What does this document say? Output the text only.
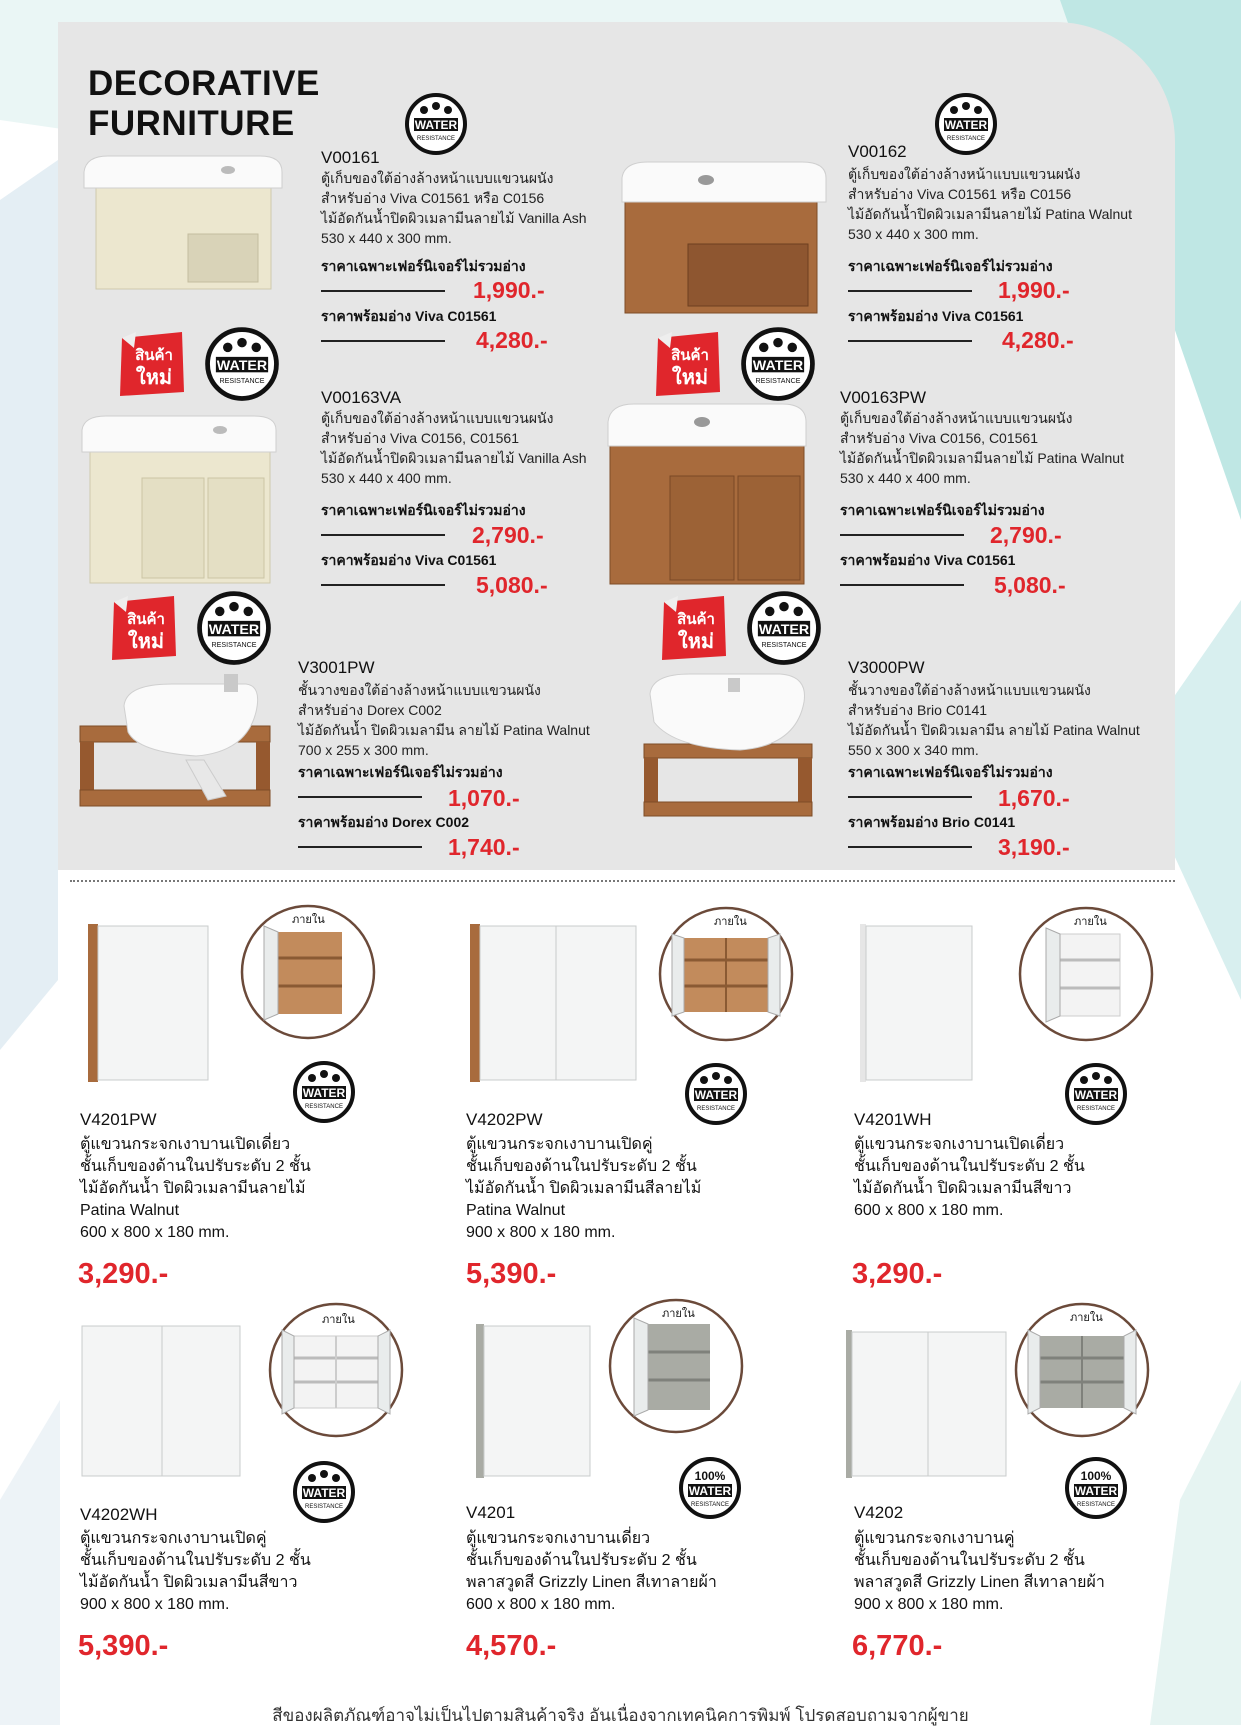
DECORATIVE
FURNITURE	WATER
RESISTANCE
V00161
ตู้เก็บของใต้อ่างล้างหน้าแบบแขวนผนัง
สำหรับอ่าง Viva C01561 หรือ C0156
ไม้อัดกันน้ำปิดผิวเมลามีนลายไม้ Vanilla Ash
530 x 440 x 300 mm.
ราคาเฉพาะเฟอร์นิเจอร์ไม่รวมอ่าง
1,990.-
ราคาพร้อมอ่าง Viva C01561
4,280.-
WATER
RESISTANCE
V00162
ตู้เก็บของใต้อ่างล้างหน้าแบบแขวนผนัง
สำหรับอ่าง Viva C01561 หรือ C0156
ไม้อัดกันน้ำปิดผิวเมลามีนลายไม้ Patina Walnut
530 x 440 x 300 mm.
ราคาเฉพาะเฟอร์นิเจอร์ไม่รวมอ่าง
1,990.-
ราคาพร้อมอ่าง Viva C01561
4,280.-
สินค้า
ใหม่
WATER
RESISTANCE
สินค้า
ใหม่
WATER
RESISTANCE
V00163VA
ตู้เก็บของใต้อ่างล้างหน้าแบบแขวนผนัง
สำหรับอ่าง Viva C0156, C01561
ไม้อัดกันน้ำปิดผิวเมลามีนลายไม้ Vanilla Ash
530 x 440 x 400 mm.
ราคาเฉพาะเฟอร์นิเจอร์ไม่รวมอ่าง
2,790.-
ราคาพร้อมอ่าง Viva C01561
5,080.-
V00163PW
ตู้เก็บของใต้อ่างล้างหน้าแบบแขวนผนัง
สำหรับอ่าง Viva C0156, C01561
ไม้อัดกันน้ำปิดผิวเมลามีนลายไม้ Patina Walnut
530 x 440 x 400 mm.
ราคาเฉพาะเฟอร์นิเจอร์ไม่รวมอ่าง
2,790.-
ราคาพร้อมอ่าง Viva C01561
5,080.-
สินค้า
ใหม่
WATER
RESISTANCE
สินค้า
ใหม่
WATER
RESISTANCE
V3001PW
ชั้นวางของใต้อ่างล้างหน้าแบบแขวนผนัง
สำหรับอ่าง Dorex C002
ไม้อัดกันน้ำ ปิดผิวเมลามีน ลายไม้ Patina Walnut
700 x 255 x 300 mm.
ราคาเฉพาะเฟอร์นิเจอร์ไม่รวมอ่าง
1,070.-
ราคาพร้อมอ่าง Dorex C002
1,740.-
V3000PW
ชั้นวางของใต้อ่างล้างหน้าแบบแขวนผนัง
สำหรับอ่าง Brio C0141
ไม้อัดกันน้ำ ปิดผิวเมลามีน ลายไม้ Patina Walnut
550 x 300 x 340 mm.
ราคาเฉพาะเฟอร์นิเจอร์ไม่รวมอ่าง
1,670.-
ราคาพร้อมอ่าง Brio C0141
3,190.-
ภายใน
WATER
RESISTANCE
V4201PW
ตู้แขวนกระจกเงาบานเปิดเดี่ยว
ชั้นเก็บของด้านในปรับระดับ 2 ชั้น
ไม้อัดกันน้ำ ปิดผิวเมลามีนลายไม้
Patina Walnut
600 x 800 x 180 mm.
3,290.-
ภายใน
WATER
RESISTANCE
V4202PW
ตู้แขวนกระจกเงาบานเปิดคู่
ชั้นเก็บของด้านในปรับระดับ 2 ชั้น
ไม้อัดกันน้ำ ปิดผิวเมลามีนสีลายไม้
Patina Walnut
900 x 800 x 180 mm.
5,390.-
ภายใน
WATER
RESISTANCE
V4201WH
ตู้แขวนกระจกเงาบานเปิดเดี่ยว
ชั้นเก็บของด้านในปรับระดับ 2 ชั้น
ไม้อัดกันน้ำ ปิดผิวเมลามีนสีขาว
600 x 800 x 180 mm.
3,290.-
ภายใน
WATER
RESISTANCE
V4202WH
ตู้แขวนกระจกเงาบานเปิดคู่
ชั้นเก็บของด้านในปรับระดับ 2 ชั้น
ไม้อัดกันน้ำ ปิดผิวเมลามีนสีขาว
900 x 800 x 180 mm.
5,390.-
ภายใน
100%
WATER
RESISTANCE
V4201
ตู้แขวนกระจกเงาบานเดี่ยว
ชั้นเก็บของด้านในปรับระดับ 2 ชั้น
พลาสวูดสี Grizzly Linen สีเทาลายผ้า
600 x 800 x 180 mm.
4,570.-
ภายใน
100%
WATER
RESISTANCE
V4202
ตู้แขวนกระจกเงาบานคู่
ชั้นเก็บของด้านในปรับระดับ 2 ชั้น
พลาสวูดสี Grizzly Linen สีเทาลายผ้า
900 x 800 x 180 mm.
6,770.-
สีของผลิตภัณฑ์อาจไม่เป็นไปตามสินค้าจริง อันเนื่องจากเทคนิคการพิมพ์ โปรดสอบถามจากผู้ขาย
